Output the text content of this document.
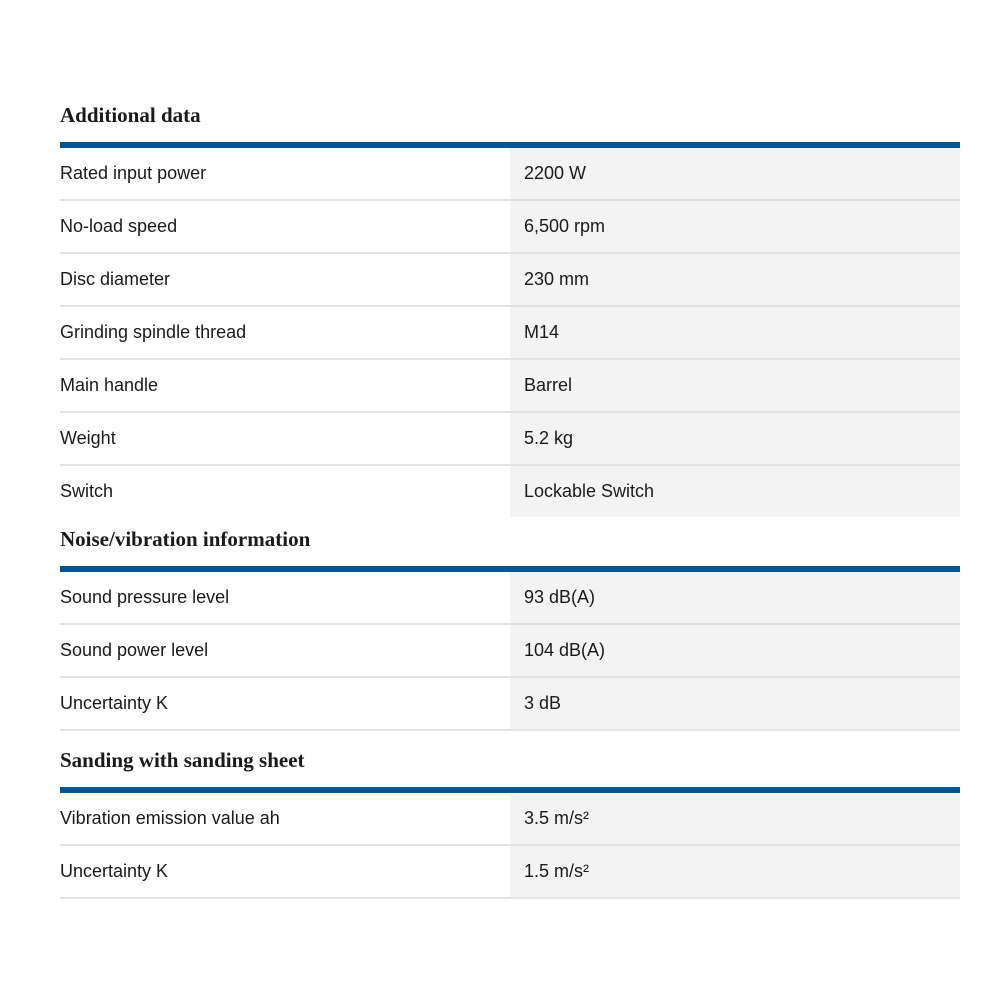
Additional data
Rated input power	2200 W
No-load speed	6,500 rpm
Disc diameter	230 mm
Grinding spindle thread	M14
Main handle	Barrel
Weight	5.2 kg
Switch	Lockable Switch
Noise/vibration information
Sound pressure level	93 dB(A)
Sound power level	104 dB(A)
Uncertainty K	3 dB
Sanding with sanding sheet
Vibration emission value ah	3.5 m/s²
Uncertainty K	1.5 m/s²
